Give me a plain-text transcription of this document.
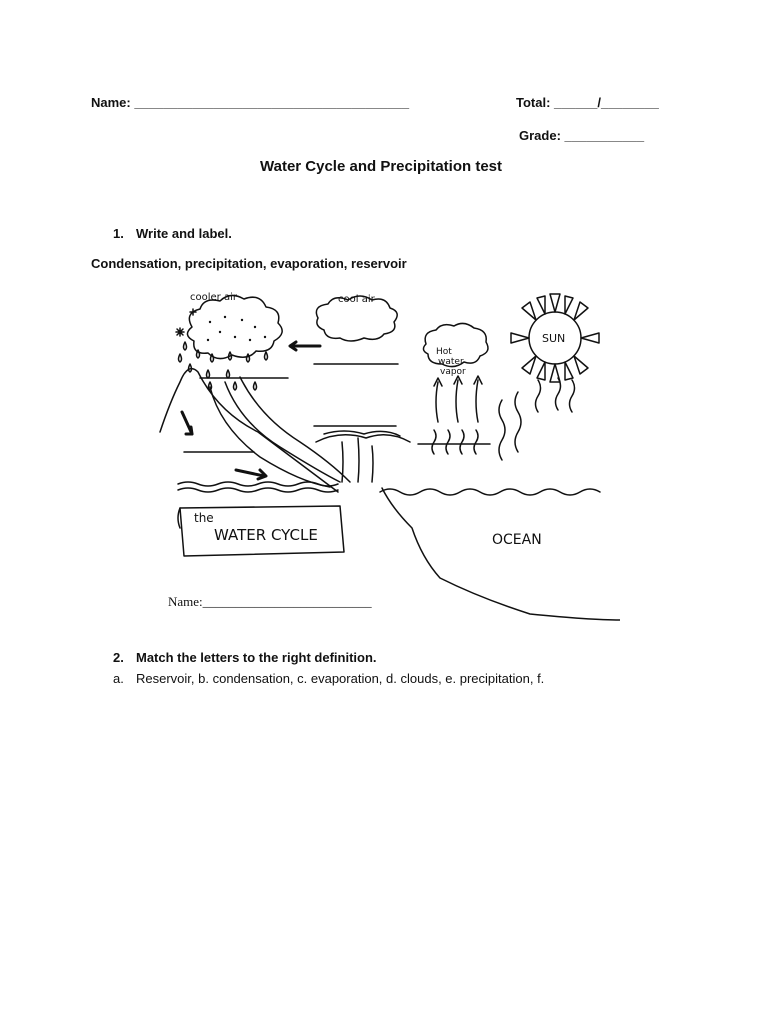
Name: ______________________________________	Total: ______/________
Grade: ___________
Water Cycle and Precipitation test
1. Write and label.
Condensation, precipitation, evaporation, reservoir
cooler air	cool air
Hot
water
vapor
SUN
the
WATER CYCLE	OCEAN
Name:__________________________
2. Match the letters to the right definition.
a. Reservoir, b. condensation, c. evaporation, d. clouds, e. precipitation, f.
